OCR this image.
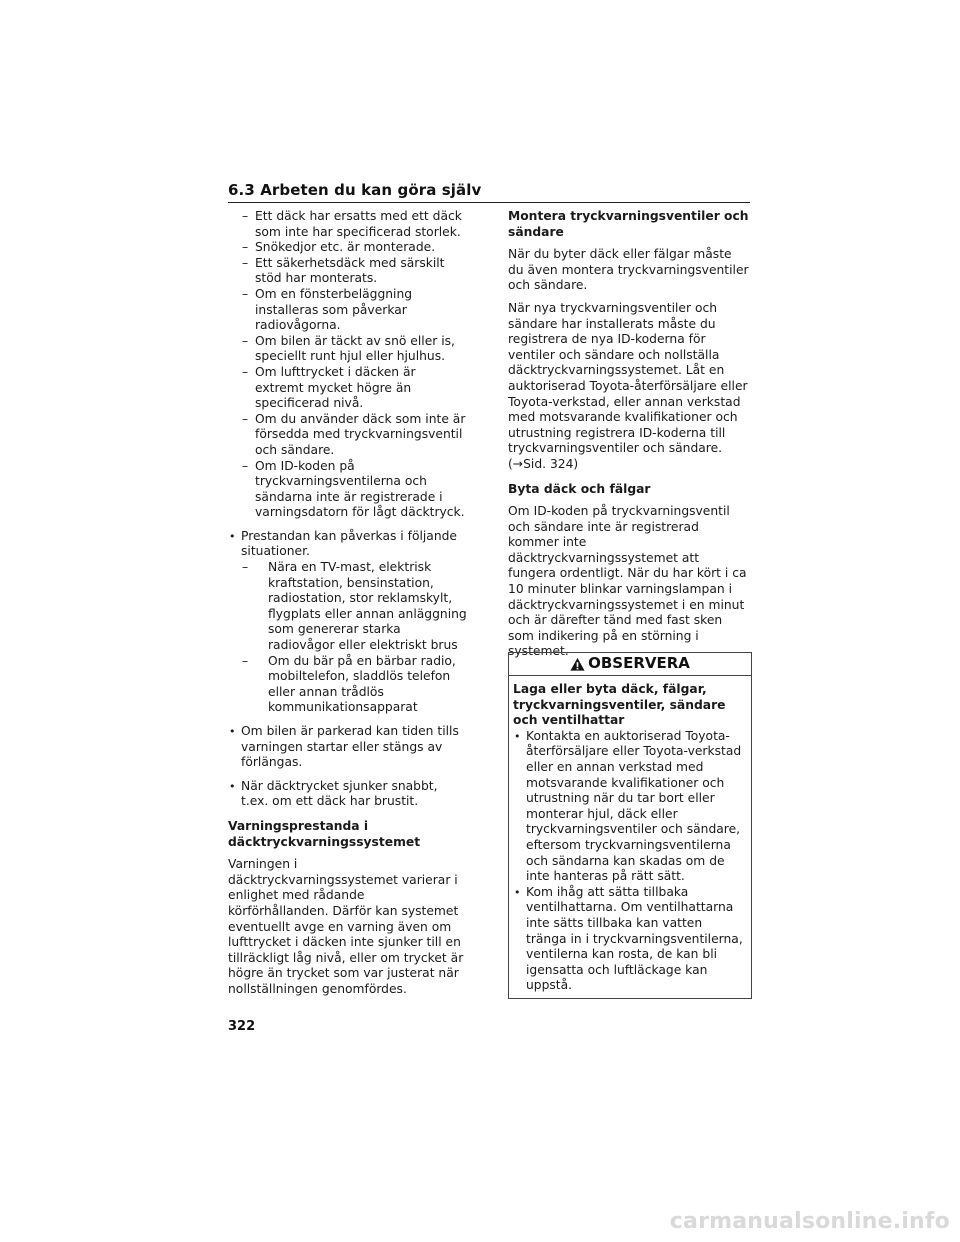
6.3 Arbeten du kan göra själv
– Ett däck har ersatts med ett däck som inte har specificerad storlek.
– Snökedjor etc. är monterade.
– Ett säkerhetsdäck med särskilt stöd har monterats.
– Om en fönsterbeläggning installeras som påverkar radiovågorna.
– Om bilen är täckt av snö eller is, speciellt runt hjul eller hjulhus.
– Om lufttrycket i däcken är extremt mycket högre än specificerad nivå.
– Om du använder däck som inte är försedda med tryckvarningsventil och sändare.
– Om ID-koden på tryckvarningsventilerna och sändarna inte är registrerade i varningsdatorn för lågt däcktryck.
• Prestandan kan påverkas i följande situationer.
– Nära en TV-mast, elektrisk kraftstation, bensinstation, radiostation, stor reklamskylt, flygplats eller annan anläggning som genererar starka radiovågor eller elektriskt brus
– Om du bär på en bärbar radio, mobiltelefon, sladdlös telefon eller annan trådlös kommunikationsapparat
• Om bilen är parkerad kan tiden tills varningen startar eller stängs av förlängas.
• När däcktrycket sjunker snabbt, t.ex. om ett däck har brustit.
Varningsprestanda i däcktryckvarningssystemet
Varningen i däcktryckvarningssystemet varierar i enlighet med rådande körförhållanden. Därför kan systemet eventuellt avge en varning även om lufttrycket i däcken inte sjunker till en tillräckligt låg nivå, eller om trycket är högre än trycket som var justerat när nollställningen genomfördes.
Montera tryckvarningsventiler och sändare
När du byter däck eller fälgar måste du även montera tryckvarningsventiler och sändare.
När nya tryckvarningsventiler och sändare har installerats måste du registrera de nya ID-koderna för ventiler och sändare och nollställa däcktryckvarningssystemet. Låt en auktoriserad Toyota-återförsäljare eller Toyota-verkstad, eller annan verkstad med motsvarande kvalifikationer och utrustning registrera ID-koderna till tryckvarningsventiler och sändare.
(→Sid. 324)
Byta däck och fälgar
Om ID-koden på tryckvarningsventil och sändare inte är registrerad kommer inte däcktryckvarningssystemet att fungera ordentligt. När du har kört i ca 10 minuter blinkar varningslampan i däcktryckvarningssystemet i en minut och är därefter tänd med fast sken som indikering på en störning i systemet.
OBSERVERA
Laga eller byta däck, fälgar, tryckvarningsventiler, sändare och ventilhattar
• Kontakta en auktoriserad Toyota-återförsäljare eller Toyota-verkstad eller en annan verkstad med motsvarande kvalifikationer och utrustning när du tar bort eller monterar hjul, däck eller tryckvarningsventiler och sändare, eftersom tryckvarningsventilerna och sändarna kan skadas om de inte hanteras på rätt sätt.
• Kom ihåg att sätta tillbaka ventilhattarna. Om ventilhattarna inte sätts tillbaka kan vatten tränga in i tryckvarningsventilerna, ventilerna kan rosta, de kan bli igensatta och luftläckage kan uppstå.
322
carmanualsonline.info
